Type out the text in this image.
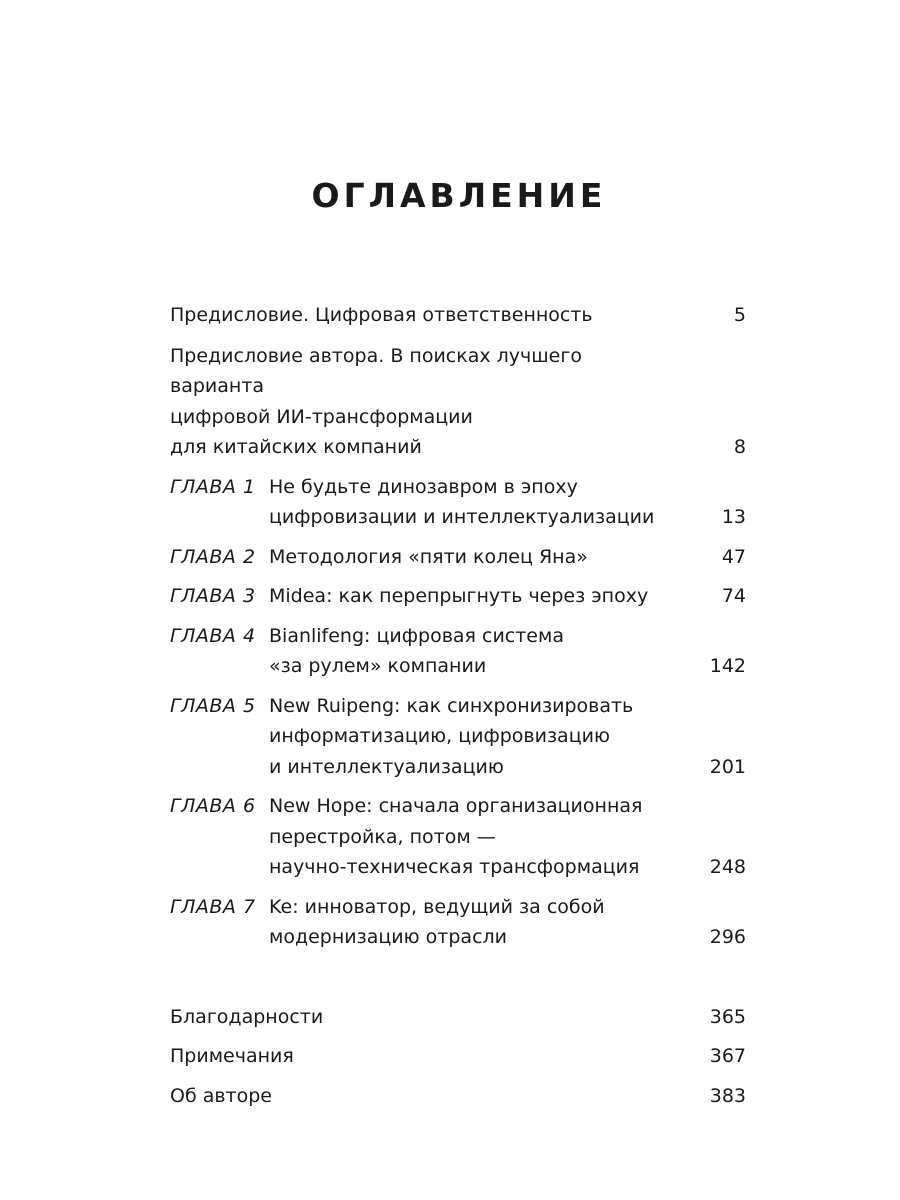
ОГЛАВЛЕНИЕ
Предисловие. Цифровая ответственность	5
Предисловие автора. В поисках лучшего варианта
цифровой ИИ-трансформации
для китайских компаний	8
ГЛАВА 1 Не будьте динозавром в эпоху
цифровизации и интеллектуализации	13
ГЛАВА 2 Методология «пяти колец Яна»	47
ГЛАВА 3 Midea: как перепрыгнуть через эпоху	74
ГЛАВА 4 Bianlifeng: цифровая система
«за рулем» компании	142
ГЛАВА 5 New Ruipeng: как синхронизировать
информатизацию, цифровизацию
и интеллектуализацию	201
ГЛАВА 6 New Hope: сначала организационная
перестройка, потом —
научно-техническая трансформация	248
ГЛАВА 7 Ke: инноватор, ведущий за собой
модернизацию отрасли	296
Благодарности	365
Примечания	367
Об авторе	383
